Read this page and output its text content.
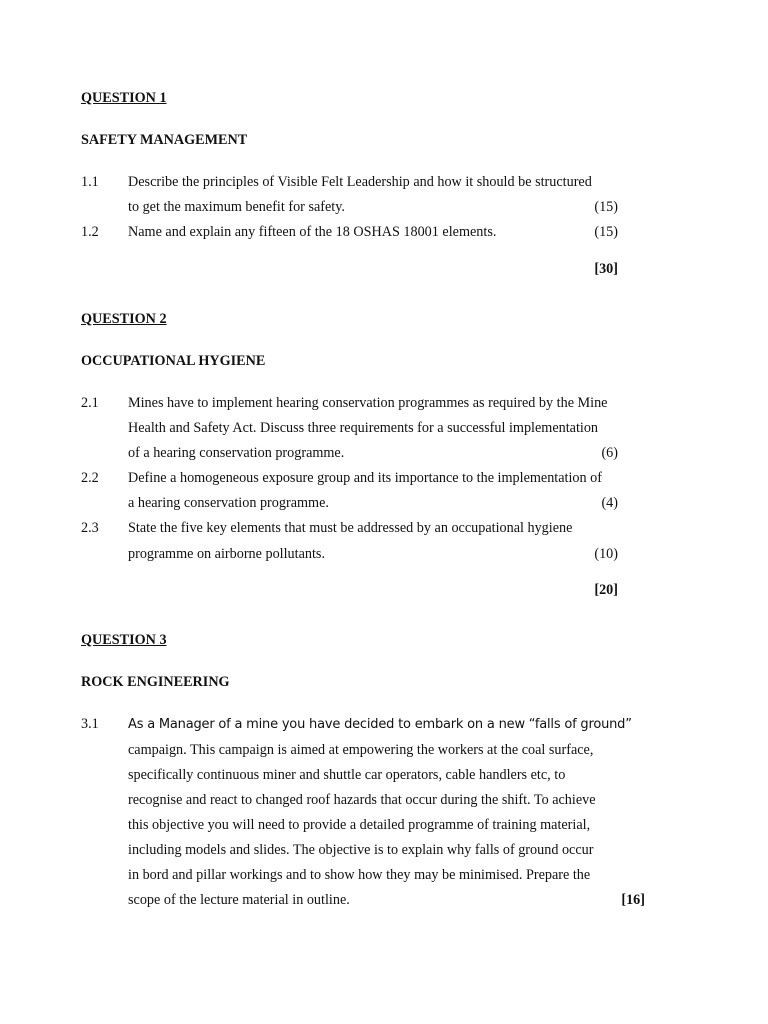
QUESTION 1
SAFETY MANAGEMENT
1.1 Describe the principles of Visible Felt Leadership and how it should be structured
to get the maximum benefit for safety.	(15)
1.2 Name and explain any fifteen of the 18 OSHAS 18001 elements.	(15)
[30]
QUESTION 2
OCCUPATIONAL HYGIENE
2.1 Mines have to implement hearing conservation programmes as required by the Mine
Health and Safety Act. Discuss three requirements for a successful implementation
of a hearing conservation programme.	(6)
2.2 Define a homogeneous exposure group and its importance to the implementation of
a hearing conservation programme.	(4)
2.3 State the five key elements that must be addressed by an occupational hygiene
programme on airborne pollutants.	(10)
[20]
QUESTION 3
ROCK ENGINEERING
3.1 As a Manager of a mine you have decided to embark on a new “falls of ground”
campaign. This campaign is aimed at empowering the workers at the coal surface,
specifically continuous miner and shuttle car operators, cable handlers etc, to
recognise and react to changed roof hazards that occur during the shift. To achieve
this objective you will need to provide a detailed programme of training material,
including models and slides. The objective is to explain why falls of ground occur
in bord and pillar workings and to show how they may be minimised. Prepare the
scope of the lecture material in outline.	[16]
